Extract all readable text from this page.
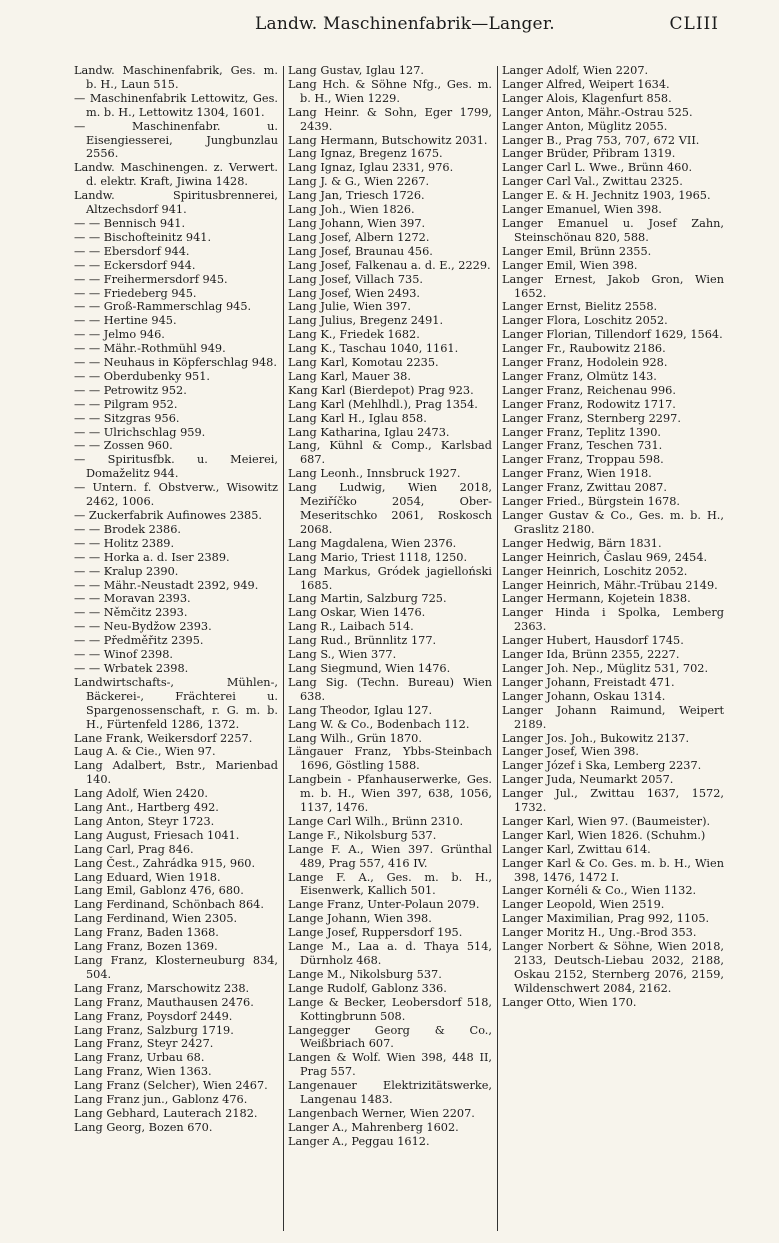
Landw. Maschinenfabrik—Langer.	CLIII

Landw. Maschinenfabrik, Ges. m. b. H., Laun 515.

— Maschinenfabrik Lettowitz, Ges. m. b. H., Lettowitz 1304, 1601.

— Maschinenfabr. u. Eisengiesserei, Jungbunzlau 2556.

Landw. Maschinengen. z. Verwert. d. elektr. Kraft, Jiwina 1428.

Landw. Spiritusbrennerei, Altzechsdorf 941.

— — Bennisch 941.

— — Bischofteinitz 941.

— — Ebersdorf 944.

— — Eckersdorf 944.

— — Freihermersdorf 945.

— — Friedeberg 945.

— — Groß-Rammerschlag 945.

— — Hertine 945.

— — Jelmo 946.

— — Mähr.-Rothmühl 949.

— — Neuhaus in Köpferschlag 948.

— — Oberdubenky 951.

— — Petrowitz 952.

— — Pilgram 952.

— — Sitzgras 956.

— — Ulrichschlag 959.

— — Zossen 960.

— Spiritusfbk. u. Meierei, Domaželitz 944.

— Untern. f. Obstverw., Wisowitz 2462, 1006.

— Zuckerfabrik Aufinowes 2385.

— — Brodek 2386.

— — Holitz 2389.

— — Horka a. d. Iser 2389.

— — Kralup 2390.

— — Mähr.-Neustadt 2392, 949.

— — Moravan 2393.

— — Němčitz 2393.

— — Neu-Bydžow 2393.

— — Předměřitz 2395.

— — Winof 2398.

— — Wrbatek 2398.

Landwirtschafts-, Mühlen-, Bäckerei-, Frächterei u. Spargenossenschaft, r. G. m. b. H., Fürtenfeld 1286, 1372.

Lane Frank, Weikersdorf 2257.

Laug A. & Cie., Wien 97.

Lang Adalbert, Bstr., Marienbad 140.

Lang Adolf, Wien 2420.

Lang Ant., Hartberg 492.

Lang Anton, Steyr 1723.

Lang August, Friesach 1041.

Lang Carl, Prag 846.

Lang Čest., Zahrádka 915, 960.

Lang Eduard, Wien 1918.

Lang Emil, Gablonz 476, 680.

Lang Ferdinand, Schönbach 864.

Lang Ferdinand, Wien 2305.

Lang Franz, Baden 1368.

Lang Franz, Bozen 1369.

Lang Franz, Klosterneuburg 834, 504.

Lang Franz, Marschowitz 238.

Lang Franz, Mauthausen 2476.

Lang Franz, Poysdorf 2449.

Lang Franz, Salzburg 1719.

Lang Franz, Steyr 2427.

Lang Franz, Urbau 68.

Lang Franz, Wien 1363.

Lang Franz (Selcher), Wien 2467.

Lang Franz jun., Gablonz 476.

Lang Gebhard, Lauterach 2182.

Lang Georg, Bozen 670.

Lang Gustav, Iglau 127.

Lang Hch. & Söhne Nfg., Ges. m. b. H., Wien 1229.

Lang Heinr. & Sohn, Eger 1799, 2439.

Lang Hermann, Butschowitz 2031.

Lang Ignaz, Bregenz 1675.

Lang Ignaz, Iglau 2331, 976.

Lang J. & G., Wien 2267.

Lang Jan, Triesch 1726.

Lang Joh., Wien 1826.

Lang Johann, Wien 397.

Lang Josef, Albern 1272.

Lang Josef, Braunau 456.

Lang Josef, Falkenau a. d. E., 2229.

Lang Josef, Villach 735.

Lang Josef, Wien 2493.

Lang Julie, Wien 397.

Lang Julius, Bregenz 2491.

Lang K., Friedek 1682.

Lang K., Taschau 1040, 1161.

Lang Karl, Komotau 2235.

Lang Karl, Mauer 38.

Kang Karl (Bierdepot) Prag 923.

Lang Karl (Mehlhdl.), Prag 1354.

Lang Karl H., Iglau 858.

Lang Katharina, Iglau 2473.

Lang, Kühnl & Comp., Karlsbad 687.

Lang Leonh., Innsbruck 1927.

Lang Ludwig, Wien 2018, Meziříčko 2054, Ober-Meseritschko 2061, Roskosch 2068.

Lang Magdalena, Wien 2376.

Lang Mario, Triest 1118, 1250.

Lang Markus, Gródek jagielloński 1685.

Lang Martin, Salzburg 725.

Lang Oskar, Wien 1476.

Lang R., Laibach 514.

Lang Rud., Brünnlitz 177.

Lang S., Wien 377.

Lang Siegmund, Wien 1476.

Lang Sig. (Techn. Bureau) Wien 638.

Lang Theodor, Iglau 127.

Lang W. & Co., Bodenbach 112.

Lang Wilh., Grün 1870.

Längauer Franz, Ybbs-Steinbach 1696, Göstling 1588.

Langbein - Pfanhauserwerke, Ges. m. b. H., Wien 397, 638, 1056, 1137, 1476.

Lange Carl Wilh., Brünn 2310.

Lange F., Nikolsburg 537.

Lange F. A., Wien 397. Grünthal 489, Prag 557, 416 IV.

Lange F. A., Ges. m. b. H., Eisenwerk, Kallich 501.

Lange Franz, Unter-Polaun 2079.

Lange Johann, Wien 398.

Lange Josef, Ruppersdorf 195.

Lange M., Laa a. d. Thaya 514, Dürnholz 468.

Lange M., Nikolsburg 537.

Lange Rudolf, Gablonz 336.

Lange & Becker, Leobersdorf 518, Kottingbrunn 508.

Langegger Georg & Co., Weißbriach 607.

Langen & Wolf. Wien 398, 448 II, Prag 557.

Langenauer Elektrizitätswerke, Langenau 1483.

Langenbach Werner, Wien 2207.

Langer A., Mahrenberg 1602.

Langer A., Peggau 1612.

Langer Adolf, Wien 2207.

Langer Alfred, Weipert 1634.

Langer Alois, Klagenfurt 858.

Langer Anton, Mähr.-Ostrau 525.

Langer Anton, Müglitz 2055.

Langer B., Prag 753, 707, 672 VII.

Langer Brüder, Přibram 1319.

Langer Carl L. Wwe., Brünn 460.

Langer Carl Val., Zwittau 2325.

Langer E. & H. Jechnitz 1903, 1965.

Langer Emanuel, Wien 398.

Langer Emanuel u. Josef Zahn, Steinschönau 820, 588.

Langer Emil, Brünn 2355.

Langer Emil, Wien 398.

Langer Ernest, Jakob Gron, Wien 1652.

Langer Ernst, Bielitz 2558.

Langer Flora, Loschitz 2052.

Langer Florian, Tillendorf 1629, 1564.

Langer Fr., Raubowitz 2186.

Langer Franz, Hodolein 928.

Langer Franz, Olmütz 143.

Langer Franz, Reichenau 996.

Langer Franz, Rodowitz 1717.

Langer Franz, Sternberg 2297.

Langer Franz, Teplitz 1390.

Langer Franz, Teschen 731.

Langer Franz, Troppau 598.

Langer Franz, Wien 1918.

Langer Franz, Zwittau 2087.

Langer Fried., Bürgstein 1678.

Langer Gustav & Co., Ges. m. b. H., Graslitz 2180.

Langer Hedwig, Bärn 1831.

Langer Heinrich, Časlau 969, 2454.

Langer Heinrich, Loschitz 2052.

Langer Heinrich, Mähr.-Trübau 2149.

Langer Hermann, Kojetein 1838.

Langer Hinda i Spolka, Lemberg 2363.

Langer Hubert, Hausdorf 1745.

Langer Ida, Brünn 2355, 2227.

Langer Joh. Nep., Müglitz 531, 702.

Langer Johann, Freistadt 471.

Langer Johann, Oskau 1314.

Langer Johann Raimund, Weipert 2189.

Langer Jos. Joh., Bukowitz 2137.

Langer Josef, Wien 398.

Langer Józef i Ska, Lemberg 2237.

Langer Juda, Neumarkt 2057.

Langer Jul., Zwittau 1637, 1572, 1732.

Langer Karl, Wien 97. (Baumeister).

Langer Karl, Wien 1826. (Schuhm.)

Langer Karl, Zwittau 614.

Langer Karl & Co. Ges. m. b. H., Wien 398, 1476, 1472 I.

Langer Kornéli & Co., Wien 1132.

Langer Leopold, Wien 2519.

Langer Maximilian, Prag 992, 1105.

Langer Moritz H., Ung.-Brod 353.

Langer Norbert & Söhne, Wien 2018, 2133, Deutsch-Liebau 2032, 2188, Oskau 2152, Sternberg 2076, 2159, Wildenschwert 2084, 2162.

Langer Otto, Wien 170.
